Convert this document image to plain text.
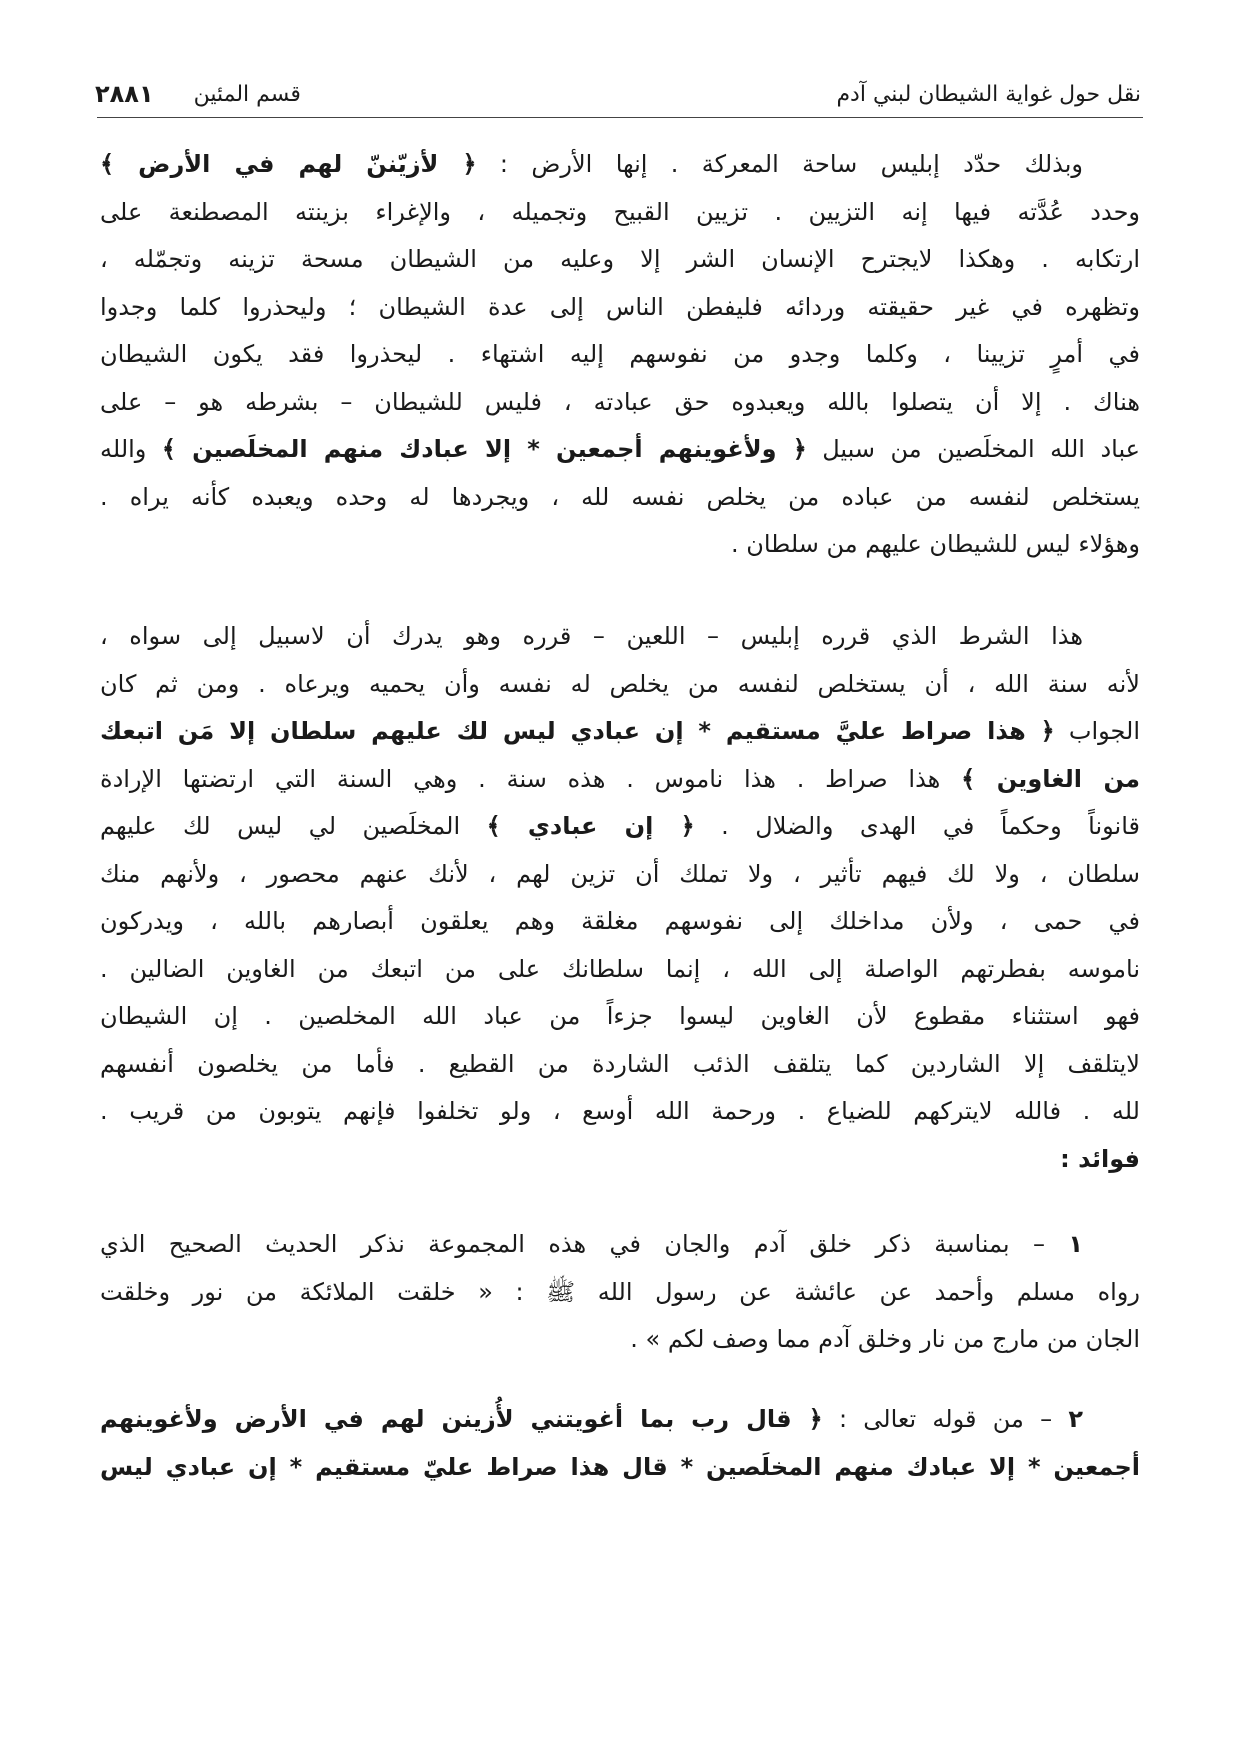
نقل حول غواية الشيطان لبني آدم
قسم المئين
٢٨٨١
وبذلك حدّد إبليس ساحة المعركة . إنها الأرض : ﴿ لأزيّننّ لهم في الأرض ﴾
وحدد عُدَّته فيها إنه التزيين . تزيين القبيح وتجميله ، والإغراء بزينته المصطنعة على
ارتكابه . وهكذا لايجترح الإنسان الشر إلا وعليه من الشيطان مسحة تزينه وتجمّله ،
وتظهره في غير حقيقته وردائه فليفطن الناس إلى عدة الشيطان ؛ وليحذروا كلما وجدوا
في أمرٍ تزيينا ، وكلما وجدو من نفوسهم إليه اشتهاء . ليحذروا فقد يكون الشيطان
هناك . إلا أن يتصلوا بالله ويعبدوه حق عبادته ، فليس للشيطان – بشرطه هو – على
عباد الله المخلَصين من سبيل ﴿ ولأغوينهم أجمعين * إلا عبادك منهم المخلَصين ﴾ والله
يستخلص لنفسه من عباده من يخلص نفسه لله ، ويجردها له وحده ويعبده كأنه يراه .
وهؤلاء ليس للشيطان عليهم من سلطان .
هذا الشرط الذي قرره إبليس – اللعين – قرره وهو يدرك أن لاسبيل إلى سواه ،
لأنه سنة الله ، أن يستخلص لنفسه من يخلص له نفسه وأن يحميه ويرعاه . ومن ثم كان
الجواب ﴿ هذا صراط عليَّ مستقيم * إن عبادي ليس لك عليهم سلطان إلا مَن اتبعك
من الغاوين ﴾ هذا صراط . هذا ناموس . هذه سنة . وهي السنة التي ارتضتها الإرادة
قانوناً وحكماً في الهدى والضلال . ﴿ إن عبادي ﴾ المخلَصين لي ليس لك عليهم
سلطان ، ولا لك فيهم تأثير ، ولا تملك أن تزين لهم ، لأنك عنهم محصور ، ولأنهم منك
في حمى ، ولأن مداخلك إلى نفوسهم مغلقة وهم يعلقون أبصارهم بالله ، ويدركون
ناموسه بفطرتهم الواصلة إلى الله ، إنما سلطانك على من اتبعك من الغاوين الضالين .
فهو استثناء مقطوع لأن الغاوين ليسوا جزءاً من عباد الله المخلصين . إن الشيطان
لايتلقف إلا الشاردين كما يتلقف الذئب الشاردة من القطيع . فأما من يخلصون أنفسهم
لله . فالله لايتركهم للضياع . ورحمة الله أوسع ، ولو تخلفوا فإنهم يتوبون من قريب .
فوائد :
١ – بمناسبة ذكر خلق آدم والجان في هذه المجموعة نذكر الحديث الصحيح الذي
رواه مسلم وأحمد عن عائشة عن رسول الله ﷺ : « خلقت الملائكة من نور وخلقت
الجان من مارج من نار وخلق آدم مما وصف لكم » .
٢ – من قوله تعالى : ﴿ قال رب بما أغويتني لأُزينن لهم في الأرض ولأغوينهم
أجمعين * إلا عبادك منهم المخلَصين * قال هذا صراط عليّ مستقيم * إن عبادي ليس
